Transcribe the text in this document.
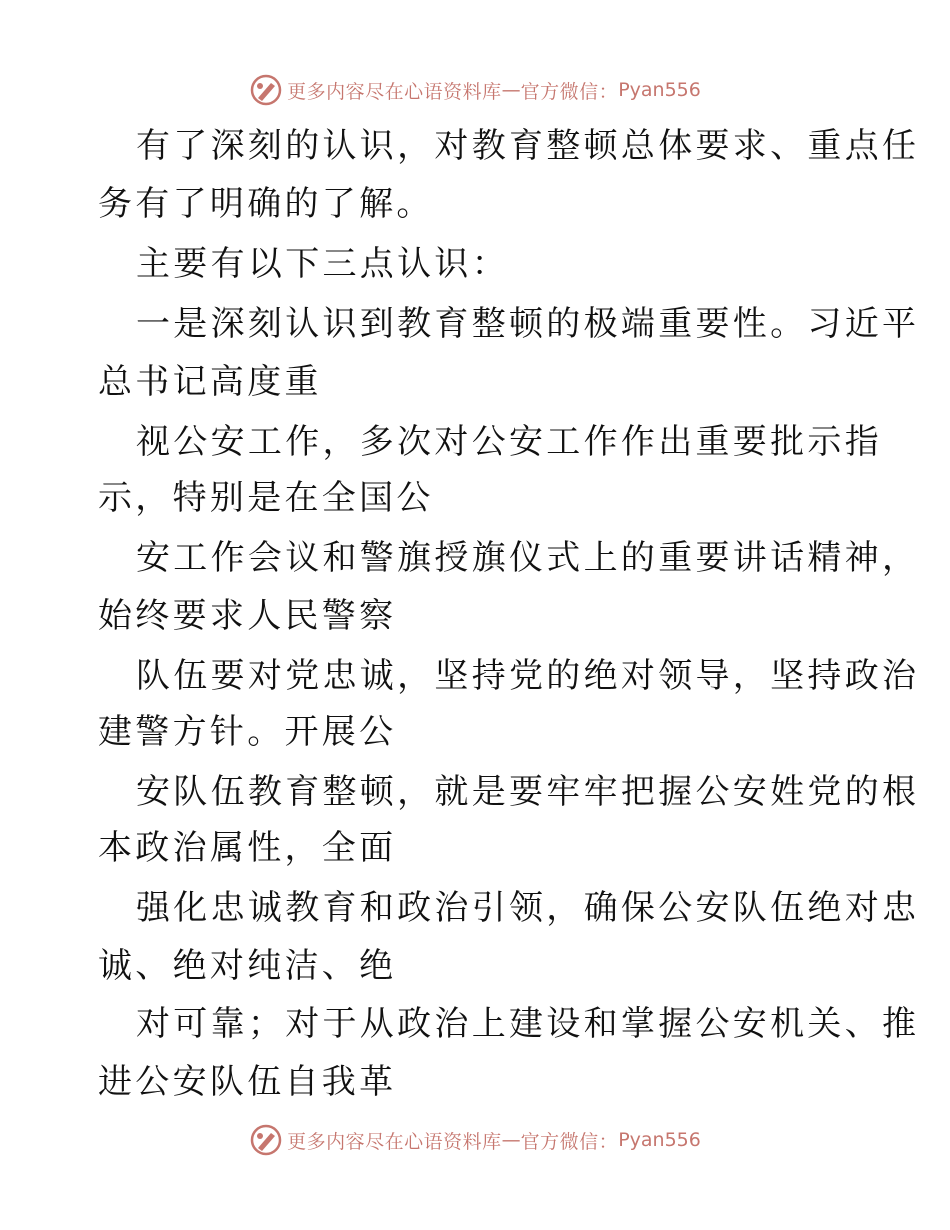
更多内容尽在心语资料库 — 官方微信： Pyan556
有了深刻的认识，对教育整顿总体要求、重点任
务有了明确的了解。
主要有以下三点认识：
一是深刻认识到教育整顿的极端重要性。习近平
总书记高度重
视公安工作，多次对公安工作作出重要批示指
示，特别是在全国公
安工作会议和警旗授旗仪式上的重要讲话精神，
始终要求人民警察
队伍要对党忠诚，坚持党的绝对领导，坚持政治
建警方针。开展公
安队伍教育整顿，就是要牢牢把握公安姓党的根
本政治属性，全面
强化忠诚教育和政治引领，确保公安队伍绝对忠
诚、绝对纯洁、绝
对可靠；对于从政治上建设和掌握公安机关、推
进公安队伍自我革
更多内容尽在心语资料库 — 官方微信： Pyan556
